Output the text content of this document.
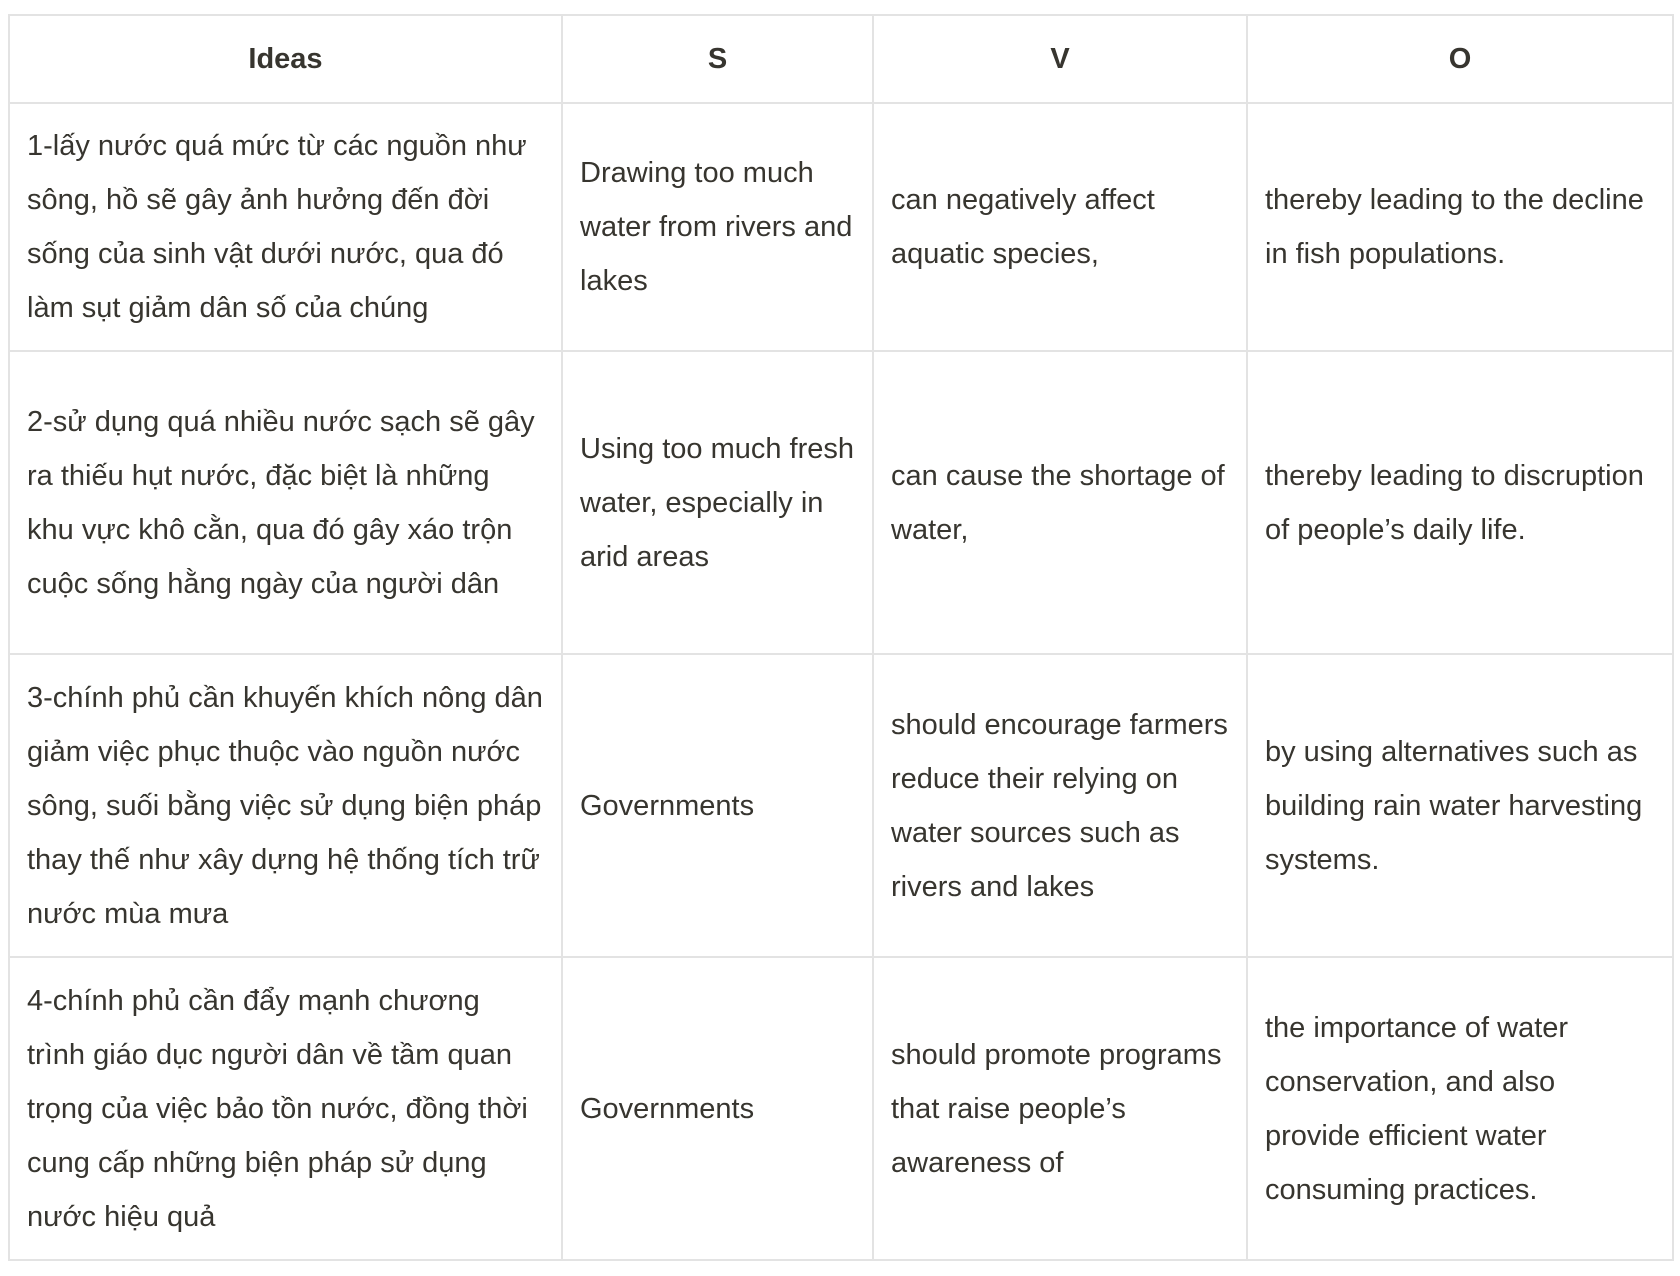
Ideas	S	V	O
1-lấy nước quá mức từ các nguồn như sông, hồ sẽ gây ảnh hưởng đến đời sống của sinh vật dưới nước, qua đó làm sụt giảm dân số của chúng	Drawing too much water from rivers and lakes	can negatively affect aquatic species,	thereby leading to the decline in fish populations.
2-sử dụng quá nhiều nước sạch sẽ gây ra thiếu hụt nước, đặc biệt là những khu vực khô cằn, qua đó gây xáo trộn cuộc sống hằng ngày của người dân	Using too much fresh water, especially in arid areas	can cause the shortage of water,	thereby leading to discruption of people’s daily life.
3-chính phủ cần khuyến khích nông dân giảm việc phục thuộc vào nguồn nước sông, suối bằng việc sử dụng biện pháp thay thế như xây dựng hệ thống tích trữ nước mùa mưa	Governments	should encourage farmers reduce their relying on water sources such as rivers and lakes	by using alternatives such as building rain water harvesting systems.
4-chính phủ cần đẩy mạnh chương trình giáo dục người dân về tầm quan trọng của việc bảo tồn nước, đồng thời cung cấp những biện pháp sử dụng nước hiệu quả	Governments	should promote programs that raise people’s awareness of	the importance of water conservation, and also provide efficient water consuming practices.
